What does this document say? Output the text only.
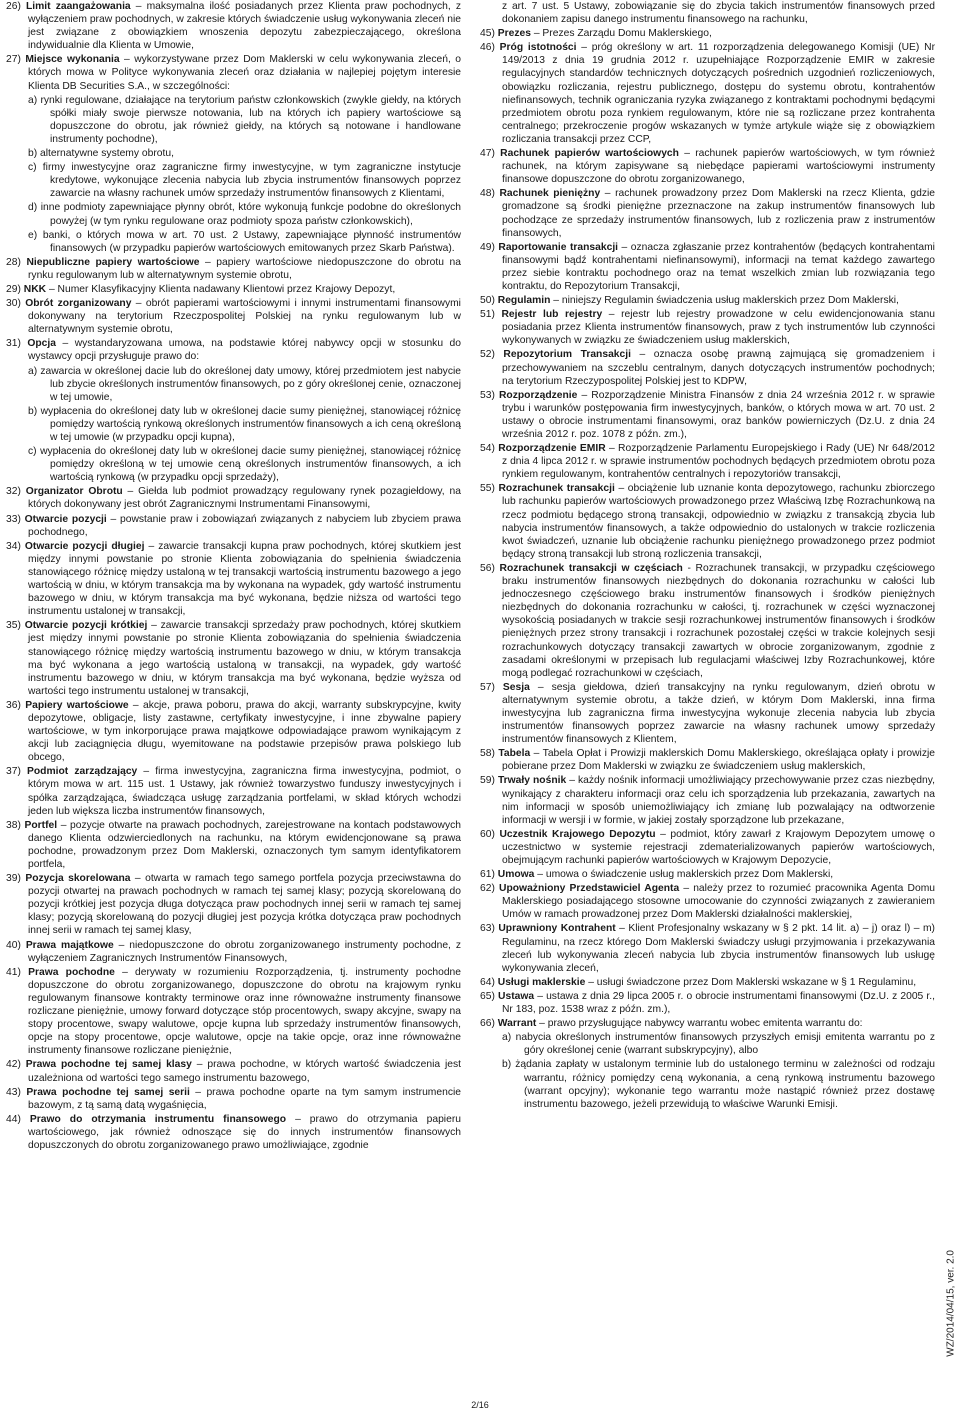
26) Limit zaangażowania – maksymalna ilość posiadanych przez Klienta praw pochodnych, z wyłączeniem praw pochodnych, w zakresie których świadczenie usług wykonywania zleceń nie jest związane z obowiązkiem wnoszenia depozytu zabezpieczającego, określona indywidualnie dla Klienta w Umowie,

27) Miejsce wykonania – wykorzystywane przez Dom Maklerski w celu wykonywania zleceń, o których mowa w Polityce wykonywania zleceń oraz działania w najlepiej pojętym interesie Klienta DB Securities S.A., w szczególności:

a) rynki regulowane, działające na terytorium państw członkowskich (zwykle giełdy, na których spółki miały swoje pierwsze notowania, lub na których ich papiery wartościowe są dopuszczone do obrotu, jak również giełdy, na których są notowane i handlowane instrumenty pochodne),

b) alternatywne systemy obrotu,

c) firmy inwestycyjne oraz zagraniczne firmy inwestycyjne, w tym zagraniczne instytucje kredytowe, wykonujące zlecenia nabycia lub zbycia instrumentów finansowych poprzez zawarcie na własny rachunek umów sprzedaży instrumentów finansowych z Klientami,

d) inne podmioty zapewniające płynny obrót, które wykonują funkcje podobne do określonych powyżej (w tym rynku regulowane oraz podmioty spoza państw członkowskich),

e) banki, o których mowa w art. 70 ust. 2 Ustawy, zapewniające płynność instrumentów finansowych (w przypadku papierów wartościowych emitowanych przez Skarb Państwa).

28) Niepubliczne papiery wartościowe – papiery wartościowe niedopuszczone do obrotu na rynku regulowanym lub w alternatywnym systemie obrotu,

29) NKK – Numer Klasyfikacyjny Klienta nadawany Klientowi przez Krajowy Depozyt,

30) Obrót zorganizowany – obrót papierami wartościowymi i innymi instrumentami finansowymi dokonywany na terytorium Rzeczpospolitej Polskiej na rynku regulowanym lub w alternatywnym systemie obrotu,

31) Opcja – wystandaryzowana umowa, na podstawie której nabywcy opcji w stosunku do wystawcy opcji przysługuje prawo do:

a) zawarcia w określonej dacie lub do określonej daty umowy, której przedmiotem jest nabycie lub zbycie określonych instrumentów finansowych, po z góry określonej cenie, oznaczonej w tej umowie,

b) wypłacenia do określonej daty lub w określonej dacie sumy pieniężnej, stanowiącej różnicę pomiędzy wartością rynkową określonych instrumentów finansowych a ich ceną określoną w tej umowie (w przypadku opcji kupna),

c) wypłacenia do określonej daty lub w określonej dacie sumy pieniężnej, stanowiącej różnicę pomiędzy określoną w tej umowie ceną określonych instrumentów finansowych, a ich wartością rynkową (w przypadku opcji sprzedaży),

32) Organizator Obrotu – Giełda lub podmiot prowadzący regulowany rynek pozagiełdowy, na których dokonywany jest obrót Zagranicznymi Instrumentami Finansowymi,

33) Otwarcie pozycji – powstanie praw i zobowiązań związanych z nabyciem lub zbyciem prawa pochodnego,

34) Otwarcie pozycji długiej – zawarcie transakcji kupna praw pochodnych, której skutkiem jest między innymi powstanie po stronie Klienta zobowiązania do spełnienia świadczenia stanowiącego różnicę między ustaloną w tej transakcji wartością instrumentu bazowego a jego wartością w dniu, w którym transakcja ma by wykonana na wypadek, gdy wartość instrumentu bazowego w dniu, w którym transakcja ma być wykonana, będzie niższa od wartości tego instrumentu ustalonej w transakcji,

35) Otwarcie pozycji krótkiej – zawarcie transakcji sprzedaży praw pochodnych, której skutkiem jest między innymi powstanie po stronie Klienta zobowiązania do spełnienia świadczenia stanowiącego różnicę między wartością instrumentu bazowego w dniu, w którym transakcja ma być wykonana a jego wartością ustaloną w transakcji, na wypadek, gdy wartość instrumentu bazowego w dniu, w którym transakcja ma być wykonana, będzie wyższa od wartości tego instrumentu ustalonej w transakcji,

36) Papiery wartościowe – akcje, prawa poboru, prawa do akcji, warranty subskrypcyjne, kwity depozytowe, obligacje, listy zastawne, certyfikaty inwestycyjne, i inne zbywalne papiery wartościowe, w tym inkorporujące prawa majątkowe odpowiadające prawom wynikającym z akcji lub zaciągnięcia długu, wyemitowane na podstawie przepisów prawa polskiego lub obcego,

37) Podmiot zarządzający – firma inwestycyjna, zagraniczna firma inwestycyjna, podmiot, o którym mowa w art. 115 ust. 1 Ustawy, jak również towarzystwo funduszy inwestycyjnych i spółka zarządzająca, świadcząca usługę zarządzania portfelami, w skład których wchodzi jeden lub większa liczba instrumentów finansowych,

38) Portfel – pozycje otwarte na prawach pochodnych, zarejestrowane na kontach podstawowych danego Klienta odzwierciedlonych na rachunku, na którym ewidencjonowane są prawa pochodne, prowadzonym przez Dom Maklerski, oznaczonych tym samym identyfikatorem portfela,

39) Pozycja skorelowana – otwarta w ramach tego samego portfela pozycja przeciwstawna do pozycji otwartej na prawach pochodnych w ramach tej samej klasy; pozycją skorelowaną do pozycji krótkiej jest pozycja długa dotycząca praw pochodnych innej serii w ramach tej samej klasy; pozycją skorelowaną do pozycji długiej jest pozycja krótka dotycząca praw pochodnych innej serii w ramach tej samej klasy,

40) Prawa majątkowe – niedopuszczone do obrotu zorganizowanego instrumenty pochodne, z wyłączeniem Zagranicznych Instrumentów Finansowych,

41) Prawa pochodne – derywaty w rozumieniu Rozporządzenia, tj. instrumenty pochodne dopuszczone do obrotu zorganizowanego, dopuszczone do obrotu na krajowym rynku regulowanym finansowe kontrakty terminowe oraz inne równoważne instrumenty finansowe rozliczane pieniężnie, umowy forward dotyczące stóp procentowych, swapy akcyjne, swapy na stopy procentowe, swapy walutowe, opcje kupna lub sprzedaży instrumentów finansowych, opcje na stopy procentowe, opcje walutowe, opcje na takie opcje, oraz inne równoważne instrumenty finansowe rozliczane pieniężnie,

42) Prawa pochodne tej samej klasy – prawa pochodne, w których wartość świadczenia jest uzależniona od wartości tego samego instrumentu bazowego,

43) Prawa pochodne tej samej serii – prawa pochodne oparte na tym samym instrumencie bazowym, z tą samą datą wygaśnięcia,

44) Prawo do otrzymania instrumentu finansowego – prawo do otrzymania papieru wartościowego, jak również odnoszące się do innych instrumentów finansowych dopuszczonych do obrotu zorganizowanego prawo umożliwiające, zgodnie

z art. 7 ust. 5 Ustawy, zobowiązanie się do zbycia takich instrumentów finansowych przed dokonaniem zapisu danego instrumentu finansowego na rachunku,

45) Prezes – Prezes Zarządu Domu Maklerskiego,

46) Próg istotności – próg określony w art. 11 rozporządzenia delegowanego Komisji (UE) Nr 149/2013 z dnia 19 grudnia 2012 r. uzupełniające Rozporządzenie EMIR w zakresie regulacyjnych standardów technicznych dotyczących pośrednich uzgodnień rozliczeniowych, obowiązku rozliczania, rejestru publicznego, dostępu do systemu obrotu, kontrahentów niefinansowych, technik ograniczania ryzyka związanego z kontraktami pochodnymi będącymi przedmiotem obrotu poza rynkiem regulowanym, które nie są rozliczane przez kontrahenta centralnego; przekroczenie progów wskazanych w tymże artykule wiąże się z obowiązkiem rozliczania transakcji przez CCP,

47) Rachunek papierów wartościowych – rachunek papierów wartościowych, w tym również rachunek, na którym zapisywane są niebędące papierami wartościowymi instrumenty finansowe dopuszczone do obrotu zorganizowanego,

48) Rachunek pieniężny – rachunek prowadzony przez Dom Maklerski na rzecz Klienta, gdzie gromadzone są środki pieniężne przeznaczone na zakup instrumentów finansowych lub pochodzące ze sprzedaży instrumentów finansowych, lub z rozliczenia praw z instrumentów finansowych,

49) Raportowanie transakcji – oznacza zgłaszanie przez kontrahentów (będących kontrahentami finansowymi bądź kontrahentami niefinansowymi), informacji na temat każdego zawartego przez siebie kontraktu pochodnego oraz na temat wszelkich zmian lub rozwiązania tego kontraktu, do Repozytorium Transakcji,

50) Regulamin – niniejszy Regulamin świadczenia usług maklerskich przez Dom Maklerski,

51) Rejestr lub rejestry – rejestr lub rejestry prowadzone w celu ewidencjonowania stanu posiadania przez Klienta instrumentów finansowych, praw z tych instrumentów lub czynności wykonywanych w związku ze świadczeniem usług maklerskich,

52) Repozytorium Transakcji – oznacza osobę prawną zajmującą się gromadzeniem i przechowywaniem na szczeblu centralnym, danych dotyczących instrumentów pochodnych; na terytorium Rzeczypospolitej Polskiej jest to KDPW,

53) Rozporządzenie – Rozporządzenie Ministra Finansów z dnia 24 września 2012 r. w sprawie trybu i warunków postępowania firm inwestycyjnych, banków, o których mowa w art. 70 ust. 2 ustawy o obrocie instrumentami finansowymi, oraz banków powierniczych (Dz.U. z dnia 24 września 2012 r. poz. 1078 z późn. zm.),

54) Rozporządzenie EMIR – Rozporządzenie Parlamentu Europejskiego i Rady (UE) Nr 648/2012 z dnia 4 lipca 2012 r. w sprawie instrumentów pochodnych będących przedmiotem obrotu poza rynkiem regulowanym, kontrahentów centralnych i repozytoriów transakcji,

55) Rozrachunek transakcji – obciążenie lub uznanie konta depozytowego, rachunku zbiorczego lub rachunku papierów wartościowych prowadzonego przez Właściwą Izbę Rozrachunkową na rzecz podmiotu będącego stroną transakcji, odpowiednio w związku z transakcją zbycia lub nabycia instrumentów finansowych, a także odpowiednio do ustalonych w trakcie rozliczenia kwot świadczeń, uznanie lub obciążenie rachunku pieniężnego prowadzonego przez podmiot będący stroną transakcji lub stroną rozliczenia transakcji,

56) Rozrachunek transakcji w częściach - Rozrachunek transakcji, w przypadku częściowego braku instrumentów finansowych niezbędnych do dokonania rozrachunku w całości lub jednoczesnego częściowego braku instrumentów finansowych i środków pieniężnych niezbędnych do dokonania rozrachunku w całości, tj. rozrachunek w części wyznaczonej wysokością posiadanych w trakcie sesji rozrachunkowej instrumentów finansowych i środków pieniężnych przez strony transakcji i rozrachunek pozostałej części w trakcie kolejnych sesji rozrachunkowych dotyczący transakcji zawartych w obrocie zorganizowanym, zgodnie z zasadami określonymi w przepisach lub regulacjami właściwej Izby Rozrachunkowej, które mogą podlegać rozrachunkowi w częściach,

57) Sesja – sesja giełdowa, dzień transakcyjny na rynku regulowanym, dzień obrotu w alternatywnym systemie obrotu, a także dzień, w którym Dom Maklerski, inna firma inwestycyjna lub zagraniczna firma inwestycyjna wykonuje zlecenia nabycia lub zbycia instrumentów finansowych poprzez zawarcie na własny rachunek umowy sprzedaży instrumentów finansowych z Klientem,

58) Tabela – Tabela Opłat i Prowizji maklerskich Domu Maklerskiego, określająca opłaty i prowizje pobierane przez Dom Maklerski w związku ze świadczeniem usług maklerskich,

59) Trwały nośnik – każdy nośnik informacji umożliwiający przechowywanie przez czas niezbędny, wynikający z charakteru informacji oraz celu ich sporządzenia lub przekazania, zawartych na nim informacji w sposób uniemożliwiający ich zmianę lub pozwalający na odtworzenie informacji w wersji i w formie, w jakiej zostały sporządzone lub przekazane,

60) Uczestnik Krajowego Depozytu – podmiot, który zawarł z Krajowym Depozytem umowę o uczestnictwo w systemie rejestracji zdematerializowanych papierów wartościowych, obejmującym rachunki papierów wartościowych w Krajowym Depozycie,

61) Umowa – umowa o świadczenie usług maklerskich przez Dom Maklerski,

62) Upoważniony Przedstawiciel Agenta – należy przez to rozumieć pracownika Agenta Domu Maklerskiego posiadającego stosowne umocowanie do czynności związanych z zawieraniem Umów w ramach prowadzonej przez Dom Maklerski działalności maklerskiej,

63) Uprawniony Kontrahent – Klient Profesjonalny wskazany w § 2 pkt. 14 lit. a) – j) oraz l) – m) Regulaminu, na rzecz którego Dom Maklerski świadczy usługi przyjmowania i przekazywania zleceń lub wykonywania zleceń nabycia lub zbycia instrumentów finansowych lub usługę wykonywania zleceń,

64) Usługi maklerskie – usługi świadczone przez Dom Maklerski wskazane w § 1 Regulaminu,

65) Ustawa – ustawa z dnia 29 lipca 2005 r. o obrocie instrumentami finansowymi (Dz.U. z 2005 r., Nr 183, poz. 1538 wraz z późn. zm.),

66) Warrant – prawo przysługujące nabywcy warrantu wobec emitenta warrantu do:

a) nabycia określonych instrumentów finansowych przyszłych emisji emitenta warrantu po z góry określonej cenie (warrant subskrypcyjny), albo

b) żądania zapłaty w ustalonym terminie lub do ustalonego terminu w zależności od rodzaju warrantu, różnicy pomiędzy ceną wykonania, a ceną rynkową instrumentu bazowego (warrant opcyjny); wykonanie tego warrantu może nastąpić również przez dostawę instrumentu bazowego, jeżeli przewidują to właściwe Warunki Emisji.

2/16
WZ/2014/04/15, ver. 2.0
